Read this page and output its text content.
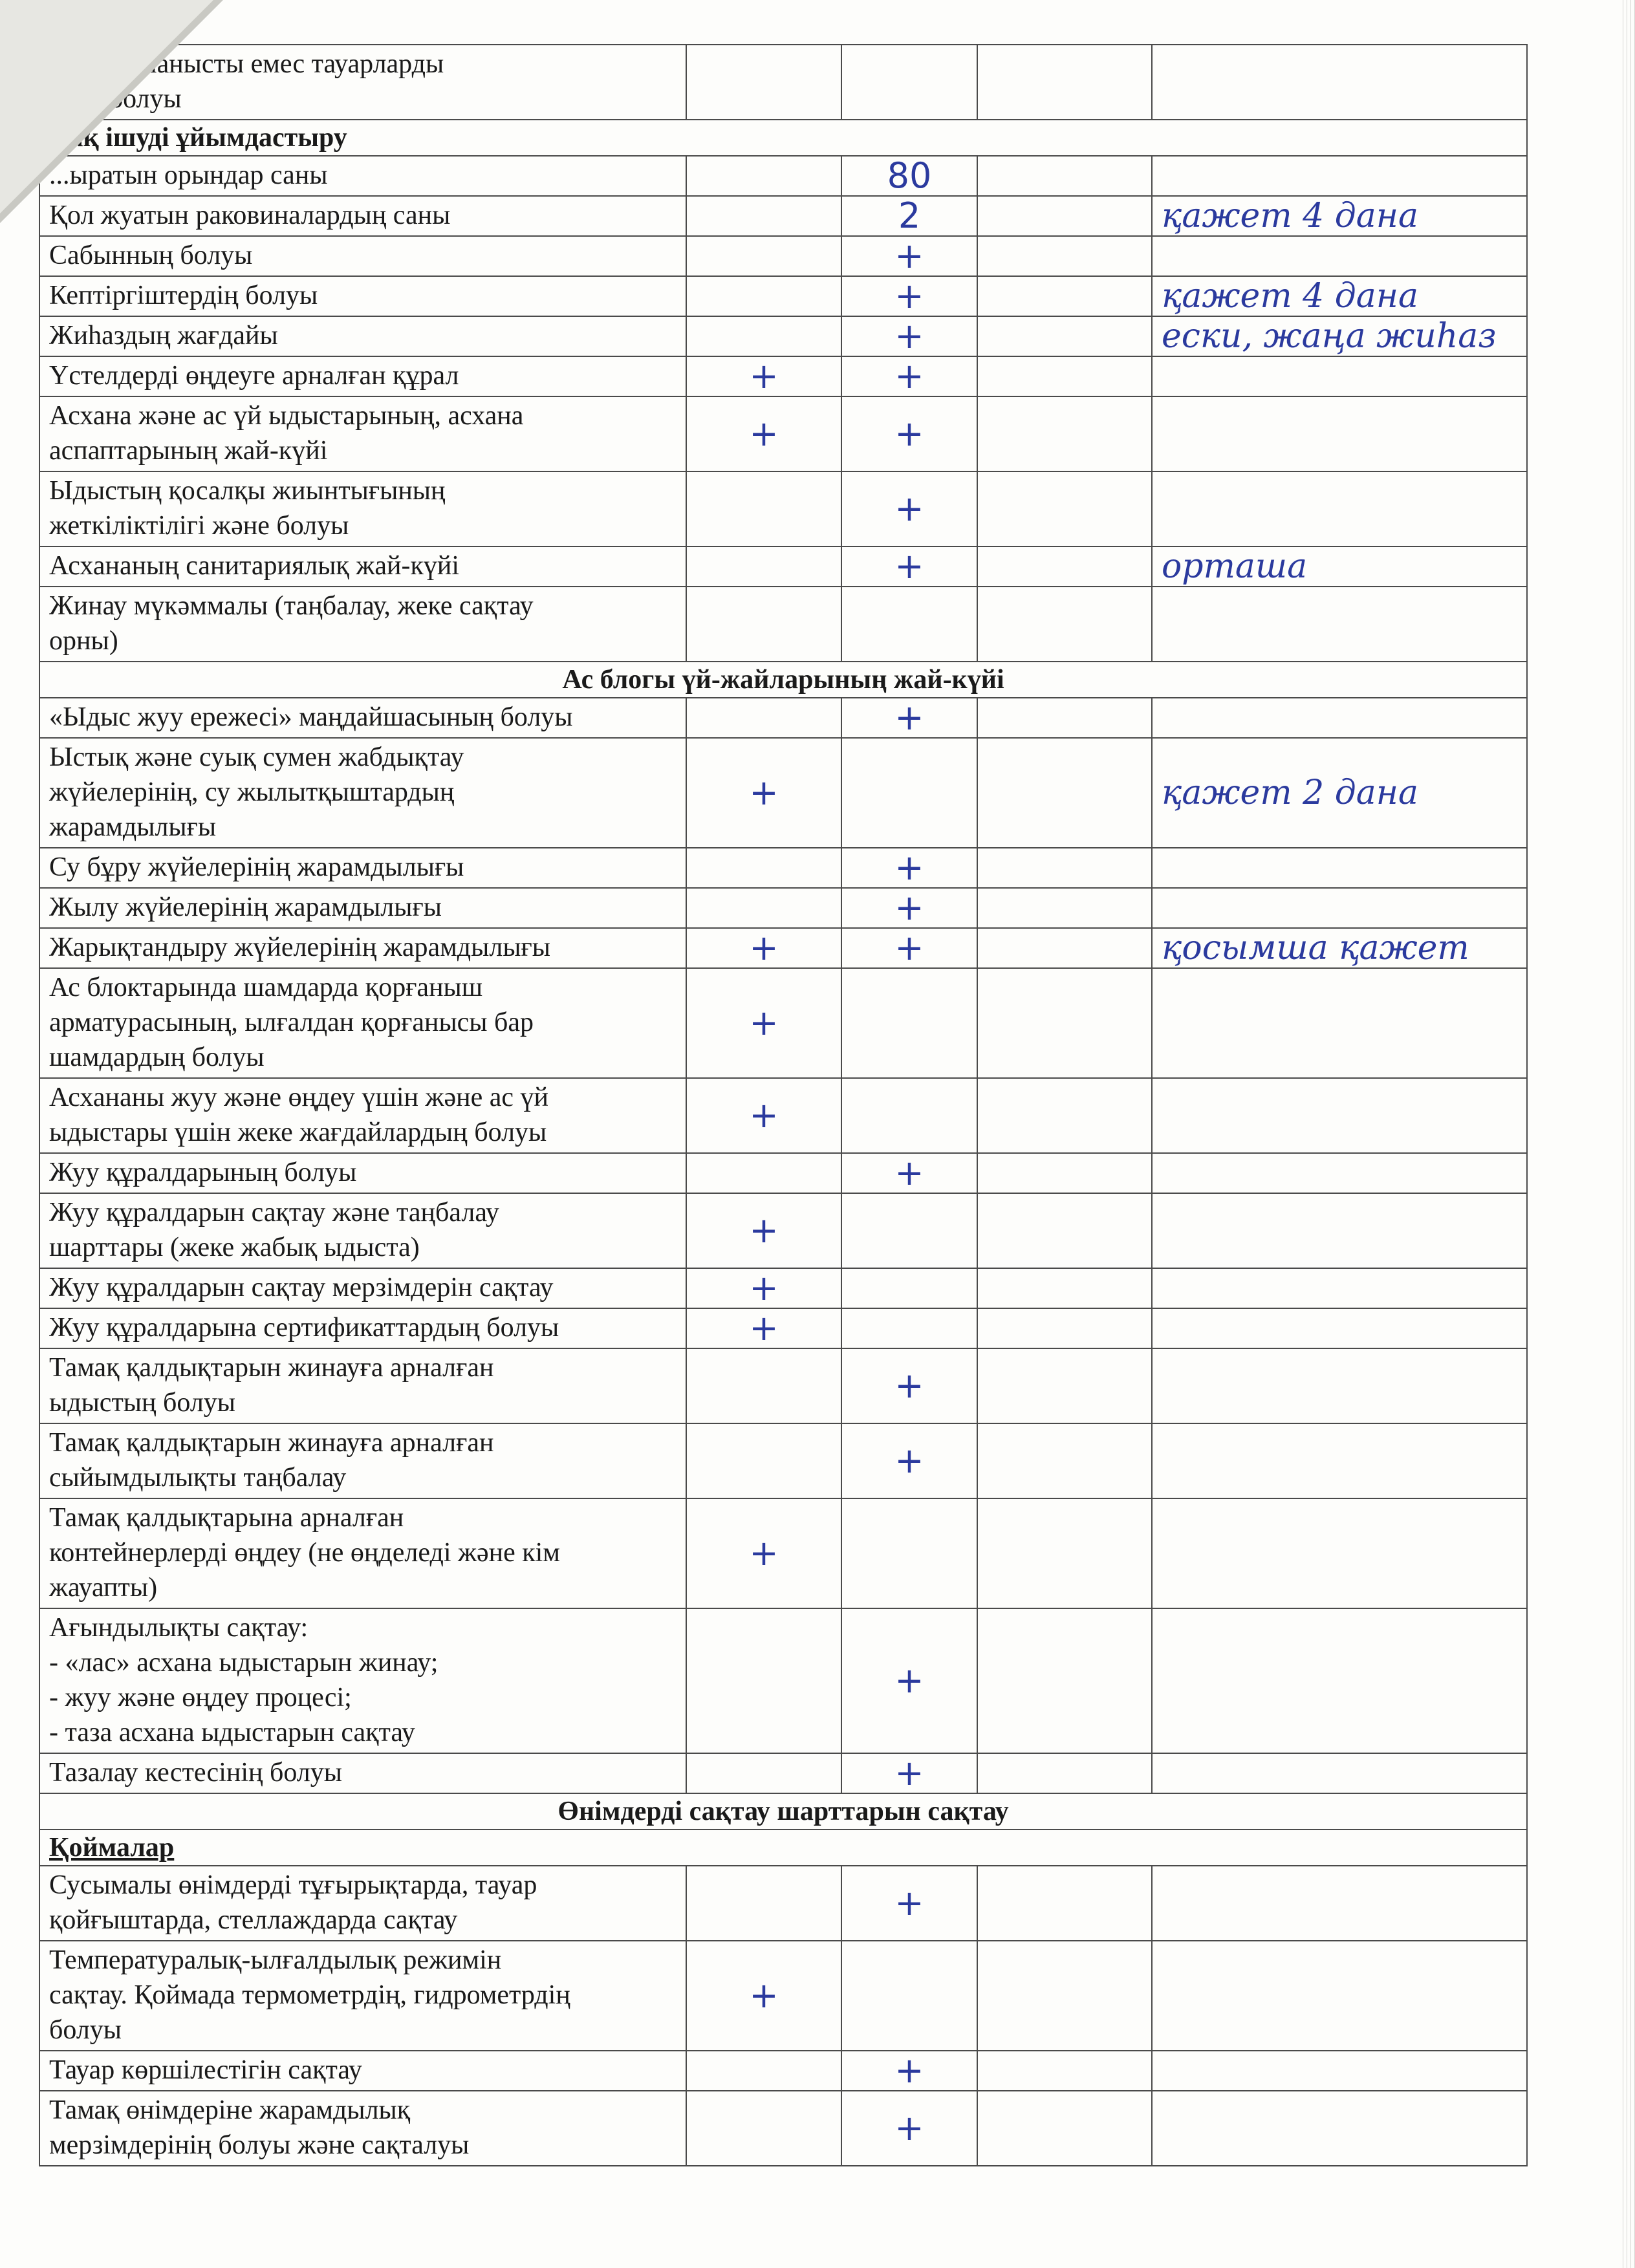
...ен байланысты емес тауарларды
...ың болуы				
...ақ ішуді ұйымдастыру				
...ыратын орындар саны		80		
Қол жуатын раковиналардың саны		2		қажет 4 дана
Сабынның болуы		+		
Кептіргіштердің болуы		+		қажет 4 дана
Жиһаздың жағдайы		+		ески, жаңа жиһаз
Үстелдерді өңдеуге арналған құрал	+	+		
Асхана және ас үй ыдыстарының, асхана
аспаптарының жай-күйі	+	+		
Ыдыстың қосалқы жиынтығының
жеткіліктілігі және болуы		+		
Асхананың санитариялық жай-күйі		+		орташа
Жинау мүкәммалы (таңбалау, жеке сақтау
орны)				
Ас блогы үй-жайларының жай-күйі				
«Ыдыс жуу ережесі» маңдайшасының болуы		+		
Ыстық және суық сумен жабдықтау
жүйелерінің, су жылытқыштардың
жарамдылығы	+			қажет 2 дана
Су бұру жүйелерінің жарамдылығы		+		
Жылу жүйелерінің жарамдылығы		+		
Жарықтандыру жүйелерінің жарамдылығы	+	+		қосымша қажет
Ас блоктарында шамдарда қорғаныш
арматурасының, ылғалдан қорғанысы бар
шамдардың болуы	+			
Асхананы жуу және өңдеу үшін және ас үй
ыдыстары үшін жеке жағдайлардың болуы	+			
Жуу құралдарының болуы		+		
Жуу құралдарын сақтау және таңбалау
шарттары (жеке жабық ыдыста)	+			
Жуу құралдарын сақтау мерзімдерін сақтау	+			
Жуу құралдарына сертификаттардың болуы	+			
Тамақ қалдықтарын жинауға арналған
ыдыстың болуы		+		
Тамақ қалдықтарын жинауға арналған
сыйымдылықты таңбалау		+		
Тамақ қалдықтарына арналған
контейнерлерді өңдеу (не өңделеді және кім
жауапты)	+			
Ағындылықты сақтау:
- «лас» асхана ыдыстарын жинау;
- жуу және өңдеу процесі;
- таза асхана ыдыстарын сақтау		+		
Тазалау кестесінің болуы		+		
Өнімдерді сақтау шарттарын сақтау				
Қоймалар				
Сусымалы өнімдерді тұғырықтарда, тауар
қойғыштарда, стеллаждарда сақтау		+		
Температуралық-ылғалдылық режимін
сақтау. Қоймада термометрдің, гидрометрдің
болуы	+			
Тауар көршілестігін сақтау		+		
Тамақ өнімдеріне жарамдылық
мерзімдерінің болуы және сақталуы		+		
